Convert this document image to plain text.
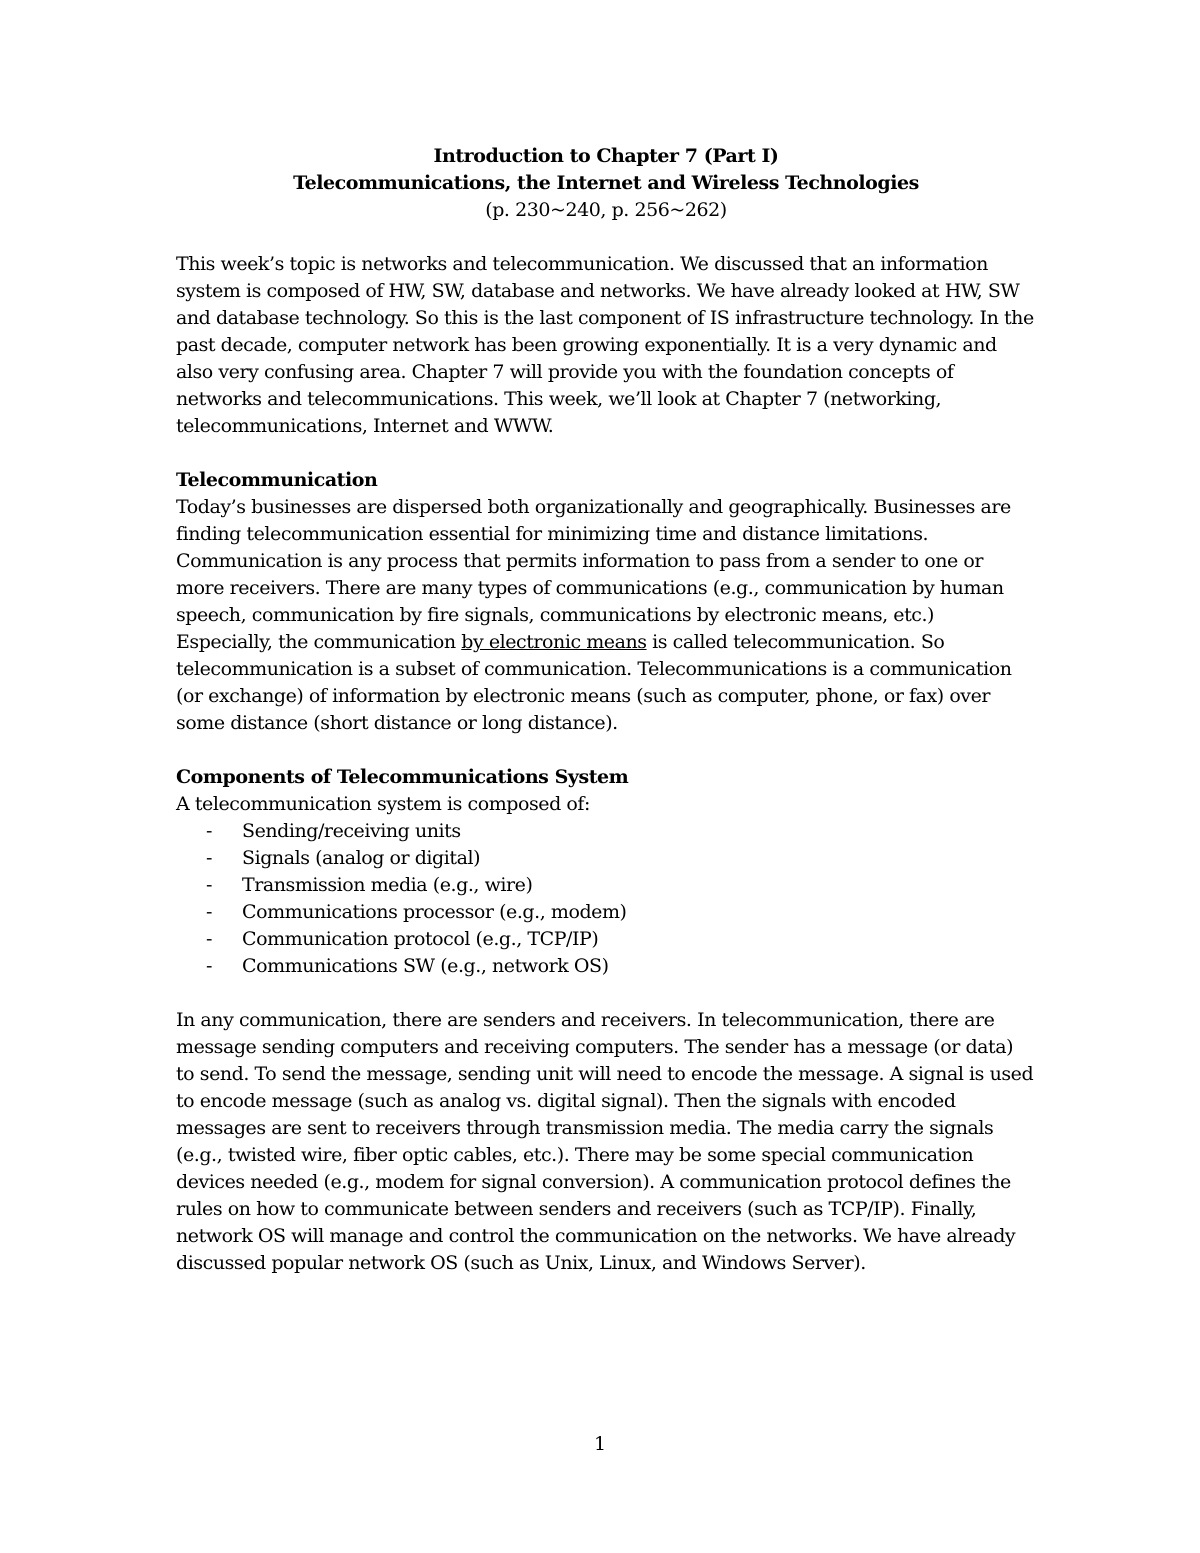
Introduction to Chapter 7 (Part I)
Telecommunications, the Internet and Wireless Technologies
(p. 230~240, p. 256~262)

This week’s topic is networks and telecommunication. We discussed that an information system is composed of HW, SW, database and networks. We have already looked at HW, SW and database technology. So this is the last component of IS infrastructure technology. In the past decade, computer network has been growing exponentially. It is a very dynamic and also very confusing area. Chapter 7 will provide you with the foundation concepts of networks and telecommunications. This week, we’ll look at Chapter 7 (networking, telecommunications, Internet and WWW.

Telecommunication
Today’s businesses are dispersed both organizationally and geographically. Businesses are finding telecommunication essential for minimizing time and distance limitations. Communication is any process that permits information to pass from a sender to one or more receivers. There are many types of communications (e.g., communication by human speech, communication by fire signals, communications by electronic means, etc.) Especially, the communication by electronic means is called telecommunication. So telecommunication is a subset of communication. Telecommunications is a communication (or exchange) of information by electronic means (such as computer, phone, or fax) over some distance (short distance or long distance).

Components of Telecommunications System
A telecommunication system is composed of:
- Sending/receiving units
- Signals (analog or digital)
- Transmission media (e.g., wire)
- Communications processor (e.g., modem)
- Communication protocol (e.g., TCP/IP)
- Communications SW (e.g., network OS)

In any communication, there are senders and receivers. In telecommunication, there are message sending computers and receiving computers. The sender has a message (or data) to send. To send the message, sending unit will need to encode the message. A signal is used to encode message (such as analog vs. digital signal). Then the signals with encoded messages are sent to receivers through transmission media. The media carry the signals (e.g., twisted wire, fiber optic cables, etc.). There may be some special communication devices needed (e.g., modem for signal conversion). A communication protocol defines the rules on how to communicate between senders and receivers (such as TCP/IP). Finally, network OS will manage and control the communication on the networks. We have already discussed popular network OS (such as Unix, Linux, and Windows Server).

1
